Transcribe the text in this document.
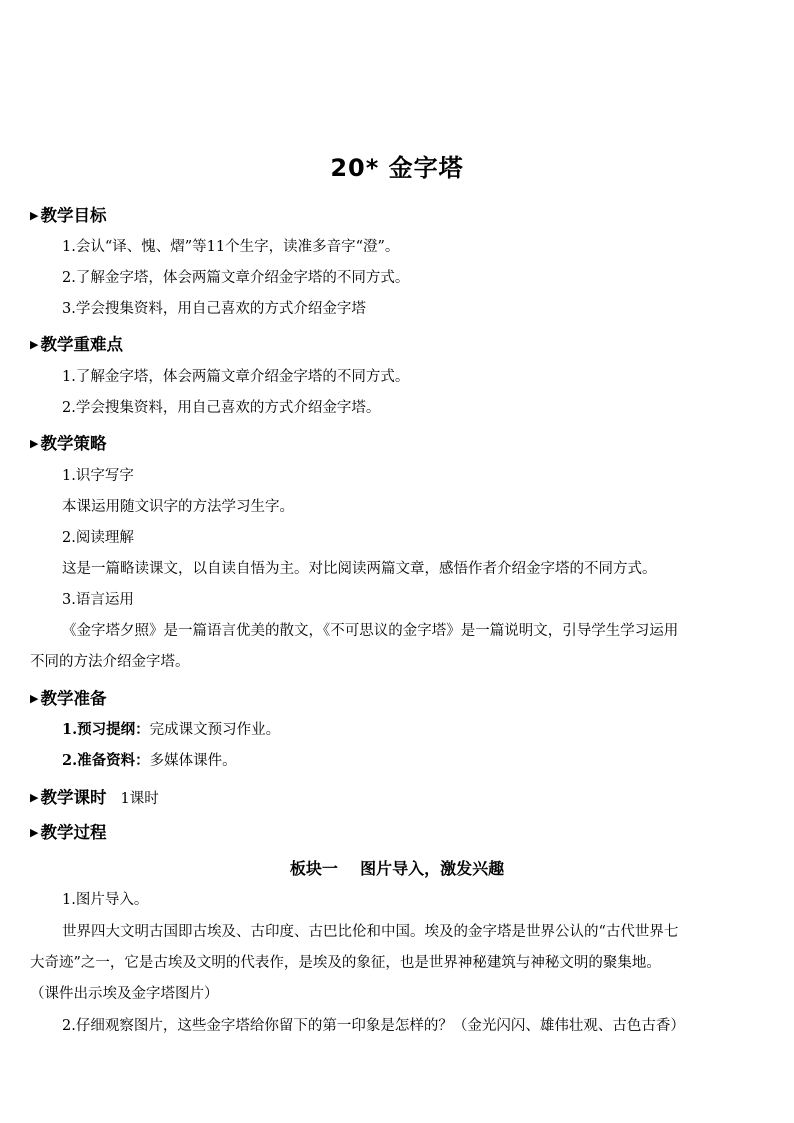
20* 金字塔
▶ 教学目标
1.会认“译、愧、熠”等11个生字，读准多音字“澄”。
2.了解金字塔，体会两篇文章介绍金字塔的不同方式。
3.学会搜集资料，用自己喜欢的方式介绍金字塔
▶ 教学重难点
1.了解金字塔，体会两篇文章介绍金字塔的不同方式。
2.学会搜集资料，用自己喜欢的方式介绍金字塔。
▶ 教学策略
1.识字写字
本课运用随文识字的方法学习生字。
2.阅读理解
这是一篇略读课文，以自读自悟为主。对比阅读两篇文章，感悟作者介绍金字塔的不同方式。
3.语言运用
《金字塔夕照》是一篇语言优美的散文，《不可思议的金字塔》是一篇说明文，引导学生学习运用
不同的方法介绍金字塔。
▶ 教学准备
1.预习提纲：完成课文预习作业。
2.准备资料：多媒体课件。
▶ 教学课时 1课时
▶ 教学过程
板块一    图片导入，激发兴趣
1.图片导入。
世界四大文明古国即古埃及、古印度、古巴比伦和中国。埃及的金字塔是世界公认的“古代世界七
大奇迹”之一，它是古埃及文明的代表作，是埃及的象征，也是世界神秘建筑与神秘文明的聚集地。
（课件出示埃及金字塔图片）
2.仔细观察图片，这些金字塔给你留下的第一印象是怎样的？（金光闪闪、雄伟壮观、古色古香）
